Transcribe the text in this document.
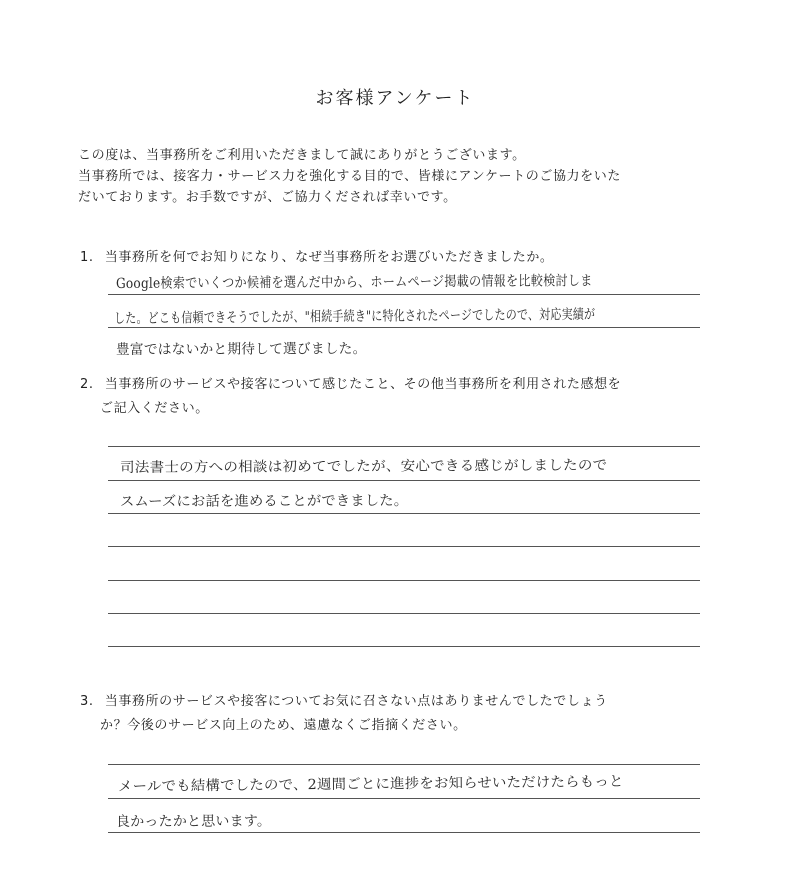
お客様アンケート

この度は、当事務所をご利用いただきまして誠にありがとうございます。

当事務所では、接客力・サービス力を強化する目的で、皆様にアンケートのご協力をいた

だいております。お手数ですが、ご協力くだされば幸いです。

1. 当事務所を何でお知りになり、なぜ当事務所をお選びいただきましたか。
Google検索でいくつか候補を選んだ中から、ホームページ掲載の情報を比較検討しま
した。どこも信頼できそうでしたが、"相続手続き"に特化されたページでしたので、対応実績が
豊富ではないかと期待して選びました。
2. 当事務所のサービスや接客について感じたこと、その他当事務所を利用された感想を
ご記入ください。
司法書士の方への相談は初めてでしたが、安心できる感じがしましたので
スムーズにお話を進めることができました。
3. 当事務所のサービスや接客についてお気に召さない点はありませんでしたでしょう
か？今後のサービス向上のため、遠慮なくご指摘ください。
メールでも結構でしたので、2週間ごとに進捗をお知らせいただけたらもっと
良かったかと思います。
